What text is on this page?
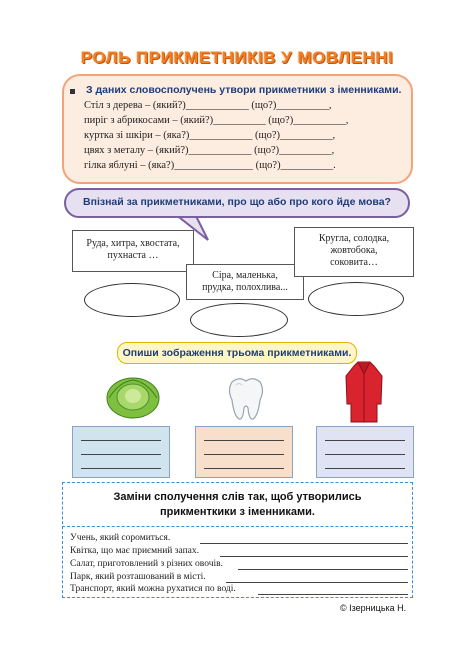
РОЛЬ ПРИКМЕТНИКІВ У МОВЛЕННІ
З даних словосполучень утвори прикметники з іменниками.
Стіл з дерева – (який?)____________ (що?)__________,
пиріг з абрикосами – (який?)__________ (що?)__________,
куртка зі шкіри – (яка?)____________ (що?)__________,
цвях з металу – (який?)____________ (що?)__________,
гілка яблуні – (яка?)_______________ (що?)__________.
Впізнай за прикметниками, про що або про кого йде мова?
Руда, хитра, хвостата,
пухнаста …
Сіра, маленька,
прудка, полохлива...
Кругла, солодка,
жовтобока,
соковита…
Опиши зображення трьома прикметниками.
Заміни сполучення слів так, щоб утворились
прикменткики з іменниками.
Учень, який соромиться.
Квітка, що має приємний запах.
Салат, приготовлений з різних овочів.
Парк, який розташований в місті.
Транспорт, який можна рухатися по воді.
© Ізерницька Н.
